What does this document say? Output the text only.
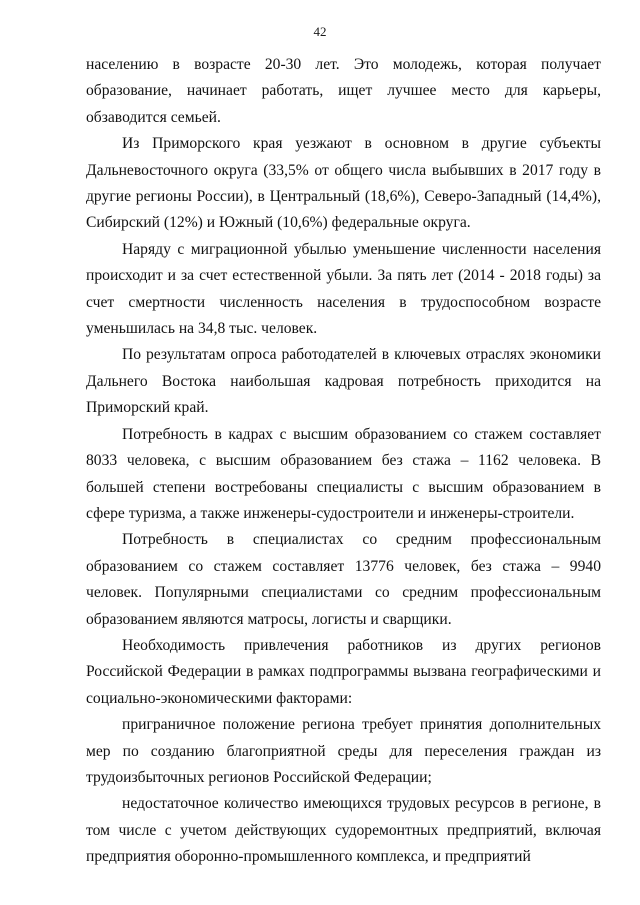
42

населению в возрасте 20-30 лет. Это молодежь, которая получает образование, начинает работать, ищет лучшее место для карьеры, обзаводится семьей.

Из Приморского края уезжают в основном в другие субъекты Дальневосточного округа (33,5% от общего числа выбывших в 2017 году в другие регионы России), в Центральный (18,6%), Северо-Западный (14,4%), Сибирский (12%) и Южный (10,6%) федеральные округа.

Наряду с миграционной убылью уменьшение численности населения происходит и за счет естественной убыли. За пять лет (2014 - 2018 годы) за счет смертности численность населения в трудоспособном возрасте уменьшилась на 34,8 тыс. человек.

По результатам опроса работодателей в ключевых отраслях экономики Дальнего Востока наибольшая кадровая потребность приходится на Приморский край.

Потребность в кадрах с высшим образованием со стажем составляет 8033 человека, с высшим образованием без стажа – 1162 человека. В большей степени востребованы специалисты с высшим образованием в сфере туризма, а также инженеры-судостроители и инженеры-строители.

Потребность в специалистах со средним профессиональным образованием со стажем составляет 13776 человек, без стажа – 9940 человек. Популярными специалистами со средним профессиональным образованием являются матросы, логисты и сварщики.

Необходимость привлечения работников из других регионов Российской Федерации в рамках подпрограммы вызвана географическими и социально-экономическими факторами:

приграничное положение региона требует принятия дополнительных мер по созданию благоприятной среды для переселения граждан из трудоизбыточных регионов Российской Федерации;

недостаточное количество имеющихся трудовых ресурсов в регионе, в том числе с учетом действующих судоремонтных предприятий, включая предприятия оборонно-промышленного комплекса, и предприятий
